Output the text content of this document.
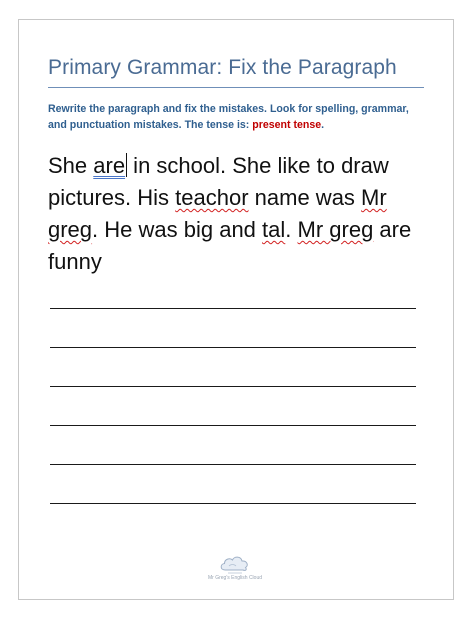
Primary Grammar: Fix the Paragraph
Rewrite the paragraph and fix the mistakes. Look for spelling, grammar, and punctuation mistakes. The tense is: present tense.
She are in school. She like to draw pictures. His teachor name was Mr greg. He was big and tal. Mr greg are funny
Mr Greg's English Cloud
